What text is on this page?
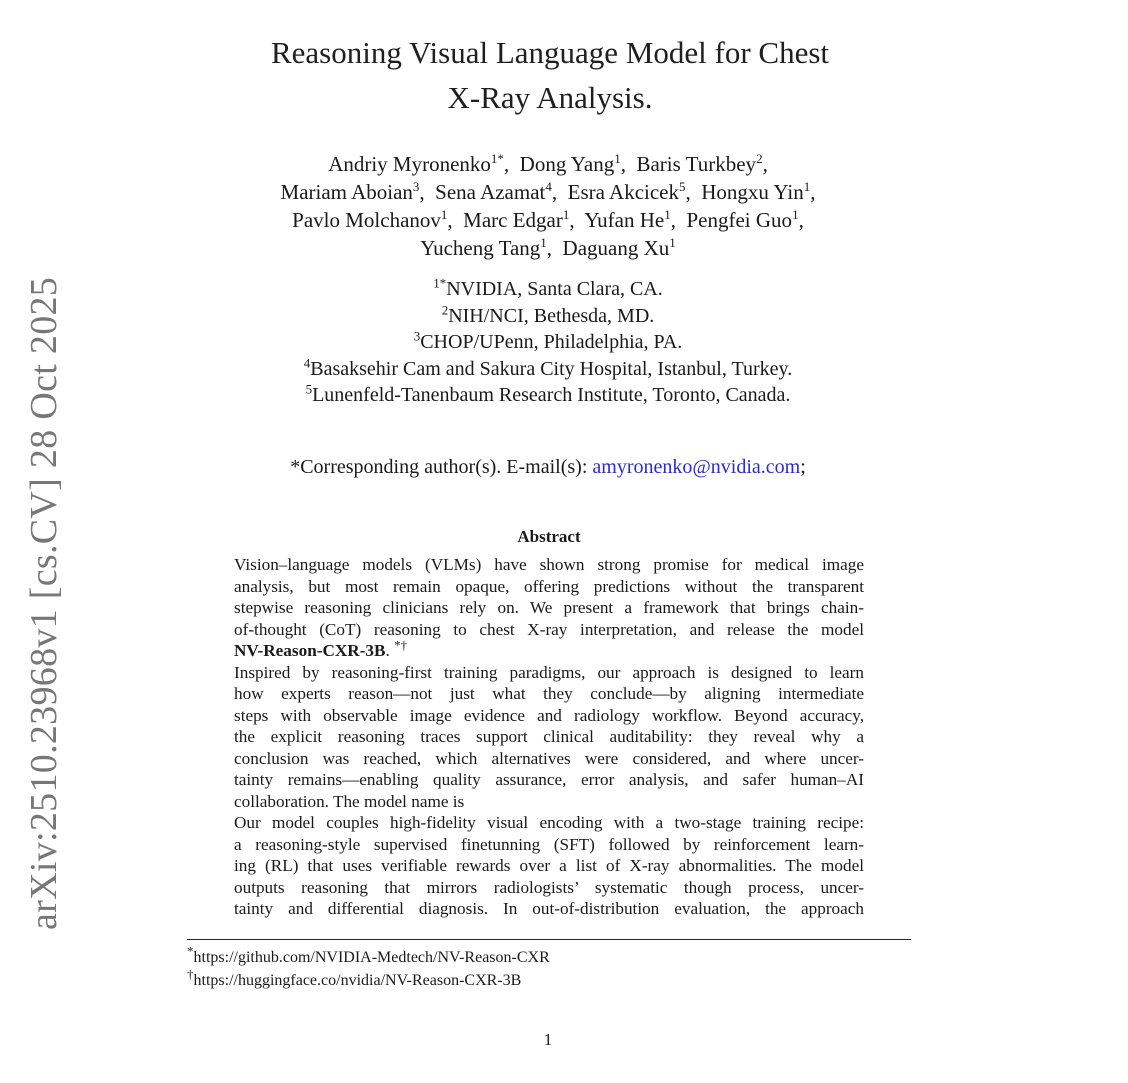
arXiv:2510.23968v1 [cs.CV] 28 Oct 2025
Reasoning Visual Language Model for Chest
X-Ray Analysis.
Andriy Myronenko$^{1*}$,  Dong Yang$^1$,  Baris Turkbey$^2$,
Mariam Aboian$^3$,  Sena Azamat$^4$,  Esra Akcicek$^5$,  Hongxu Yin$^1$,
Pavlo Molchanov$^1$,  Marc Edgar$^1$,  Yufan He$^1$,  Pengfei Guo$^1$,
Yucheng Tang$^1$,  Daguang Xu$^1$
$^{1*}$NVIDIA, Santa Clara, CA.
$^2$NIH/NCI, Bethesda, MD.
$^3$CHOP/UPenn, Philadelphia, PA.
$^4$Basaksehir Cam and Sakura City Hospital, Istanbul, Turkey.
$^5$Lunenfeld-Tanenbaum Research Institute, Toronto, Canada.
*Corresponding author(s). E-mail(s): amyronenko@nvidia.com;
Abstract

Vision–language models (VLMs) have shown strong promise for medical image
analysis, but most remain opaque, offering predictions without the transparent
stepwise reasoning clinicians rely on. We present a framework that brings chain-
of-thought (CoT) reasoning to chest X-ray interpretation, and release the model
NV-Reason-CXR-3B. *†

Inspired by reasoning-first training paradigms, our approach is designed to learn
how experts reason—not just what they conclude—by aligning intermediate
steps with observable image evidence and radiology workflow. Beyond accuracy,
the explicit reasoning traces support clinical auditability: they reveal why a
conclusion was reached, which alternatives were considered, and where uncer-
tainty remains—enabling quality assurance, error analysis, and safer human–AI
collaboration. The model name is

Our model couples high-fidelity visual encoding with a two-stage training recipe:
a reasoning-style supervised finetunning (SFT) followed by reinforcement learn-
ing (RL) that uses verifiable rewards over a list of X-ray abnormalities. The model
outputs reasoning that mirrors radiologists’ systematic though process, uncer-
tainty and differential diagnosis. In out-of-distribution evaluation, the approach

*https://github.com/NVIDIA-Medtech/NV-Reason-CXR
†https://huggingface.co/nvidia/NV-Reason-CXR-3B
1
